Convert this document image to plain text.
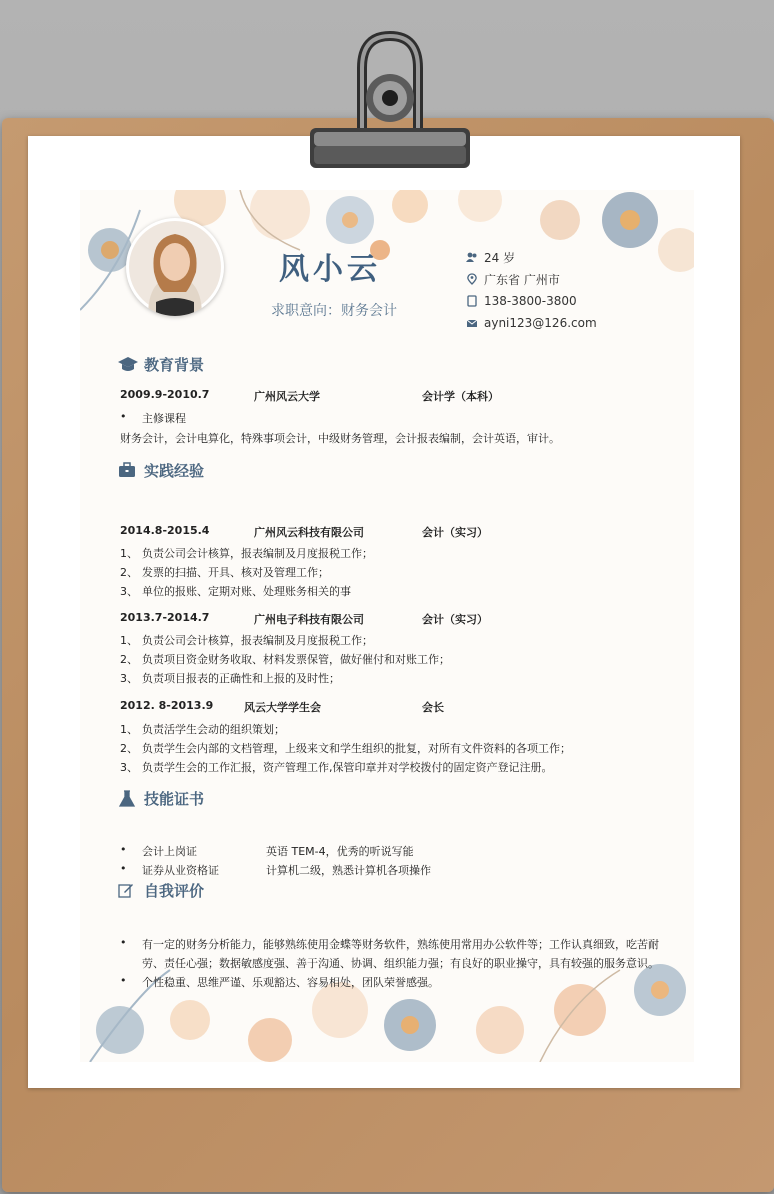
风小云
求职意向：财务会计
24 岁
广东省 广州市
138-3800-3800
ayni123@126.com
教育背景
2009.9-2010.7	广州风云大学	会计学（本科）
• 主修课程
财务会计，会计电算化，特殊事项会计，中级财务管理，会计报表编制，会计英语，审计。
实践经验
2014.8-2015.4	广州风云科技有限公司	会计（实习）
1、 负责公司会计核算，报表编制及月度报税工作；
2、 发票的扫描、开具、核对及管理工作；
3、 单位的报账、定期对账、处理账务相关的事
2013.7-2014.7	广州电子科技有限公司	会计（实习）
1、 负责公司会计核算，报表编制及月度报税工作；
2、 负责项目资金财务收取、材料发票保管，做好催付和对账工作；
3、 负责项目报表的正确性和上报的及时性；
2012. 8-2013.9	风云大学学生会	会长
1、 负责活学生会动的组织策划；
2、 负责学生会内部的文档管理，上级来文和学生组织的批复，对所有文件资料的各项工作；
3、 负责学生会的工作汇报，资产管理工作,保管印章并对学校拨付的固定资产登记注册。
技能证书
• 会计上岗证	英语 TEM-4，优秀的听说写能
• 证券从业资格证	计算机二级，熟悉计算机各项操作
自我评价
• 有一定的财务分析能力，能够熟练使用金蝶等财务软件，熟练使用常用办公软件等；工作认真细致，吃苦耐
劳、责任心强；数据敏感度强、善于沟通、协调、组织能力强；有良好的职业操守，具有较强的服务意识。
• 个性稳重、思维严谨、乐观豁达、容易相处，团队荣誉感强。
